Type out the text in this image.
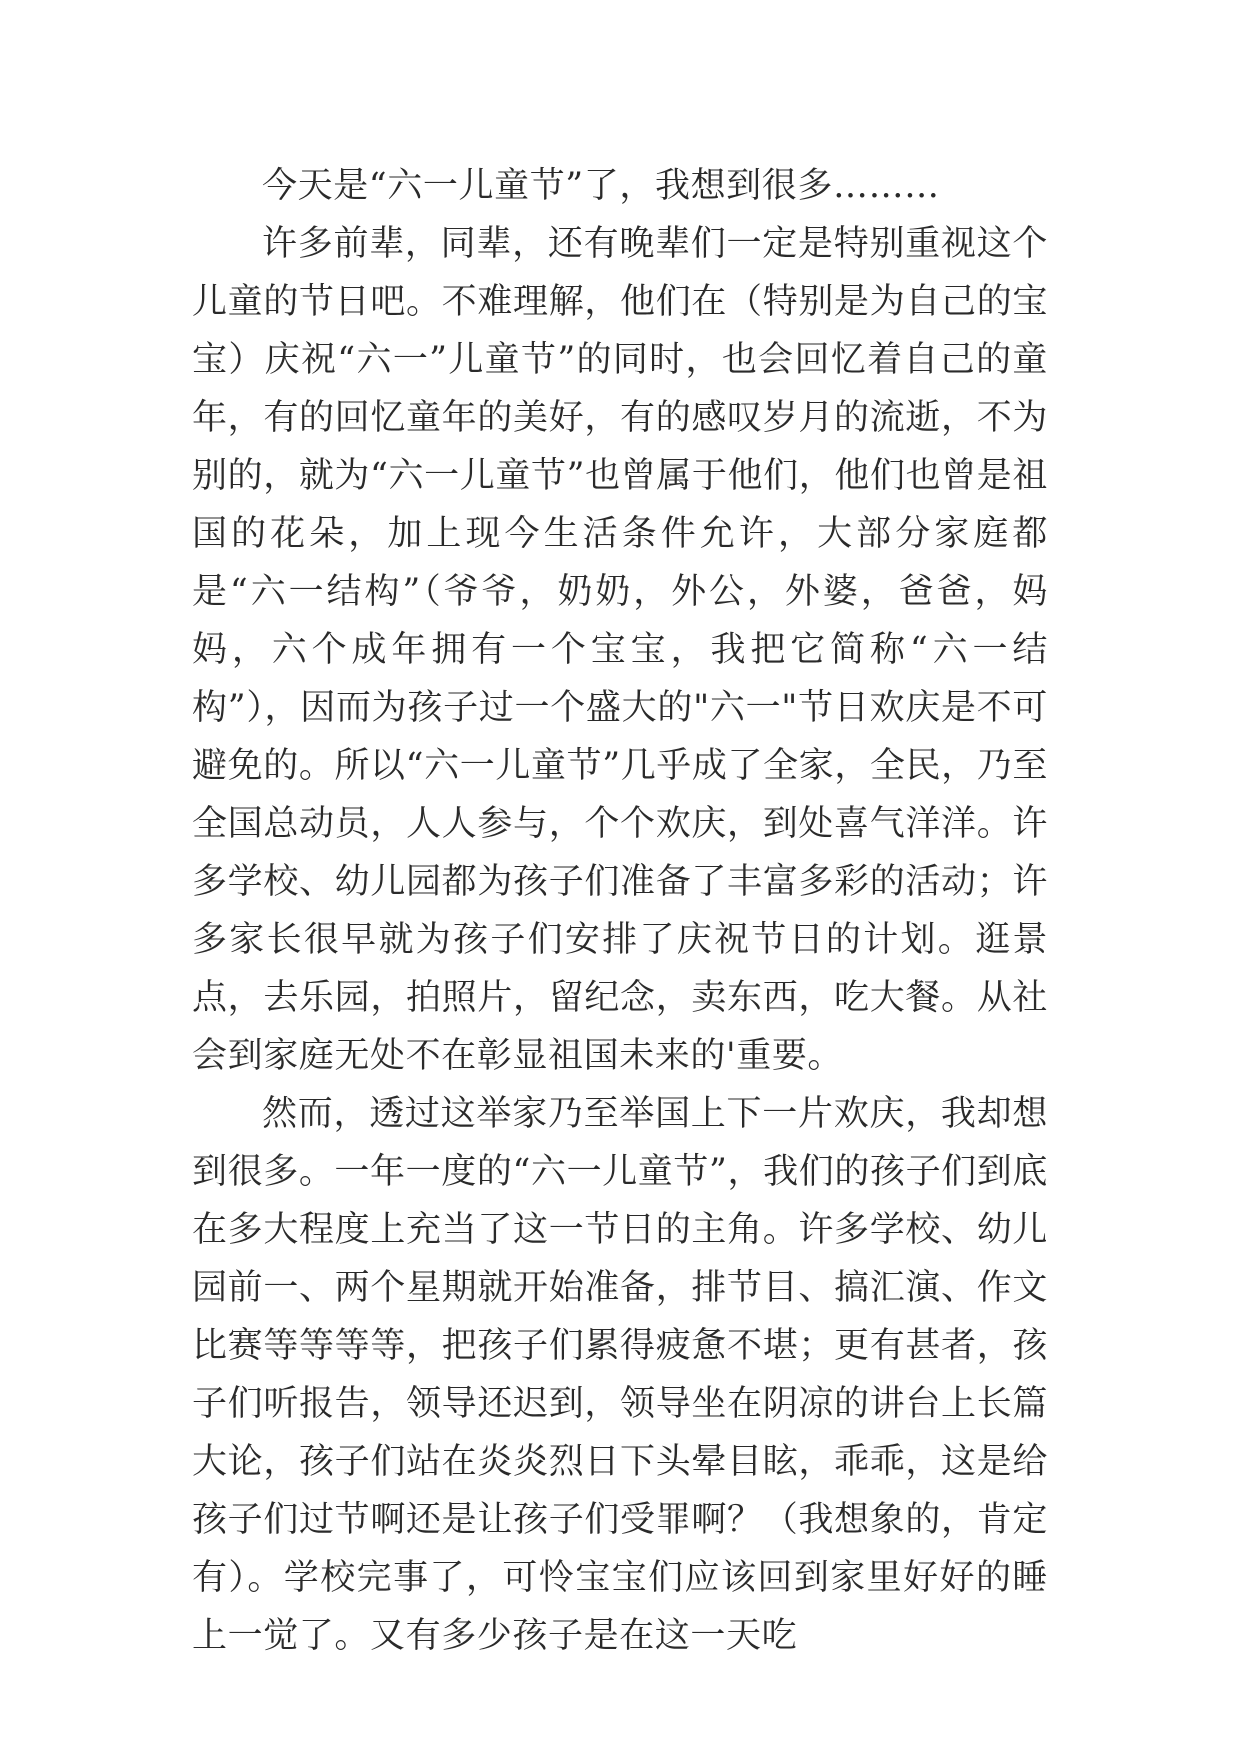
今天是“六一儿童节”了，我想到很多………

许多前辈，同辈，还有晚辈们一定是特别重视这个儿童的节日吧。不难理解，他们在（特别是为自己的宝宝）庆祝“六一”儿童节”的同时，也会回忆着自己的童年，有的回忆童年的美好，有的感叹岁月的流逝，不为别的，就为“六一儿童节”也曾属于他们，他们也曾是祖国的花朵，加上现今生活条件允许，大部分家庭都是“六一结构”（爷爷，奶奶，外公，外婆，爸爸，妈妈，六个成年拥有一个宝宝，我把它简称“六一结构”），因而为孩子过一个盛大的"六一"节日欢庆是不可避免的。所以“六一儿童节”几乎成了全家，全民，乃至全国总动员，人人参与，个个欢庆，到处喜气洋洋。许多学校、幼儿园都为孩子们准备了丰富多彩的活动；许多家长很早就为孩子们安排了庆祝节日的计划。逛景点，去乐园，拍照片，留纪念，卖东西，吃大餐。从社会到家庭无处不在彰显祖国未来的'重要。

然而，透过这举家乃至举国上下一片欢庆，我却想到很多。一年一度的“六一儿童节”，我们的孩子们到底在多大程度上充当了这一节日的主角。许多学校、幼儿园前一、两个星期就开始准备，排节目、搞汇演、作文比赛等等等等，把孩子们累得疲惫不堪；更有甚者，孩子们听报告，领导还迟到，领导坐在阴凉的讲台上长篇大论，孩子们站在炎炎烈日下头晕目眩，乖乖，这是给孩子们过节啊还是让孩子们受罪啊？（我想象的，肯定有）。学校完事了，可怜宝宝们应该回到家里好好的睡上一觉了。又有多少孩子是在这一天吃
